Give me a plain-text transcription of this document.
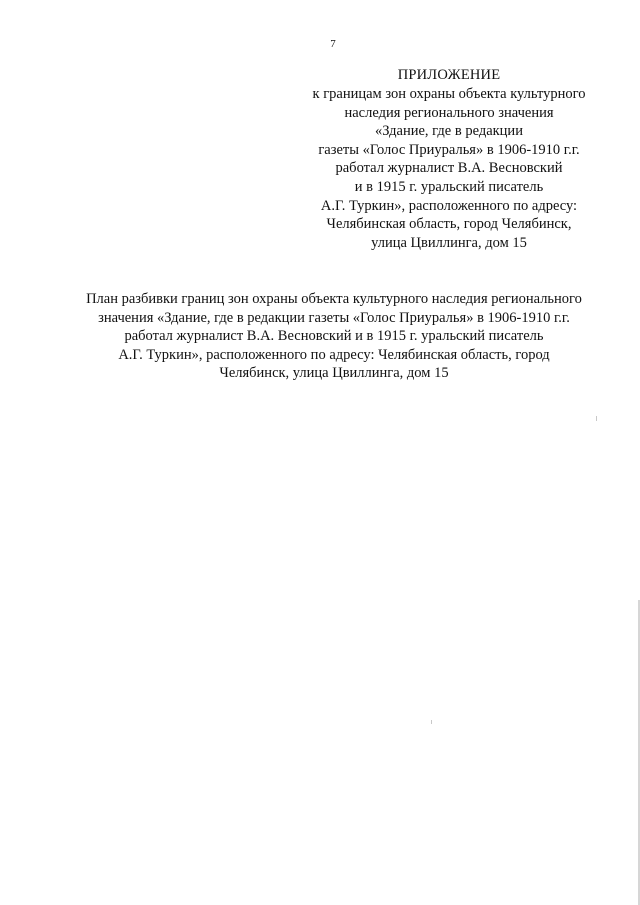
7

ПРИЛОЖЕНИЕ

к границам зон охраны объекта культурного

наследия регионального значения

«Здание, где в редакции

газеты «Голос Приуралья» в 1906-1910 г.г.

работал журналист В.А. Весновский

и в 1915 г. уральский писатель

А.Г. Туркин», расположенного по адресу:

Челябинская область, город Челябинск,

улица Цвиллинга, дом 15

План разбивки границ зон охраны объекта культурного наследия регионального

значения «Здание, где в редакции газеты «Голос Приуралья» в 1906-1910 г.г.

работал журналист В.А. Весновский и в 1915 г. уральский писатель

А.Г. Туркин», расположенного по адресу: Челябинская область, город

Челябинск, улица Цвиллинга, дом 15
